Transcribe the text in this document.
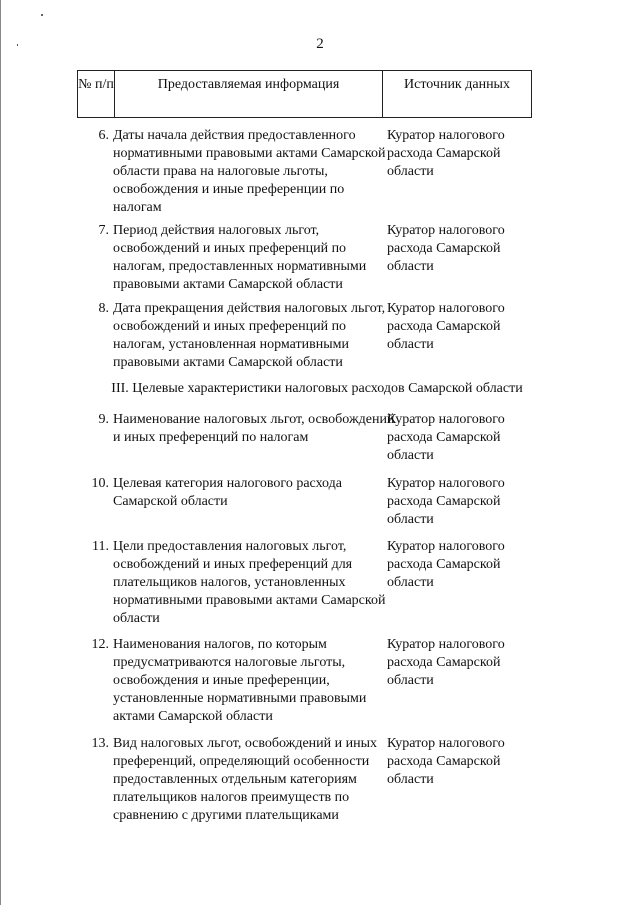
2
№ п/п	Предоставляемая информация	Источник данных
6. Даты начала действия предоставленного нормативными правовыми актами Самарской области права на налоговые льготы, освобождения и иные преференции по налогам
Куратор налогового расхода Самарской области
7. Период действия налоговых льгот, освобождений и иных преференций по налогам, предоставленных нормативными правовыми актами Самарской области
Куратор налогового расхода Самарской области
8. Дата прекращения действия налоговых льгот, освобождений и иных преференций по налогам, установленная нормативными правовыми актами Самарской области
Куратор налогового расхода Самарской области
III. Целевые характеристики налоговых расходов Самарской области
9. Наименование налоговых льгот, освобождений и иных преференций по налогам
Куратор налогового расхода Самарской области
10. Целевая категория налогового расхода Самарской области
Куратор налогового расхода Самарской области
11. Цели предоставления налоговых льгот, освобождений и иных преференций для плательщиков налогов, установленных нормативными правовыми актами Самарской области
Куратор налогового расхода Самарской области
12. Наименования налогов, по которым предусматриваются налоговые льготы, освобождения и иные преференции, установленные нормативными правовыми актами Самарской области
Куратор налогового расхода Самарской области
13. Вид налоговых льгот, освобождений и иных преференций, определяющий особенности предоставленных отдельным категориям плательщиков налогов преимуществ по сравнению с другими плательщиками
Куратор налогового расхода Самарской области
